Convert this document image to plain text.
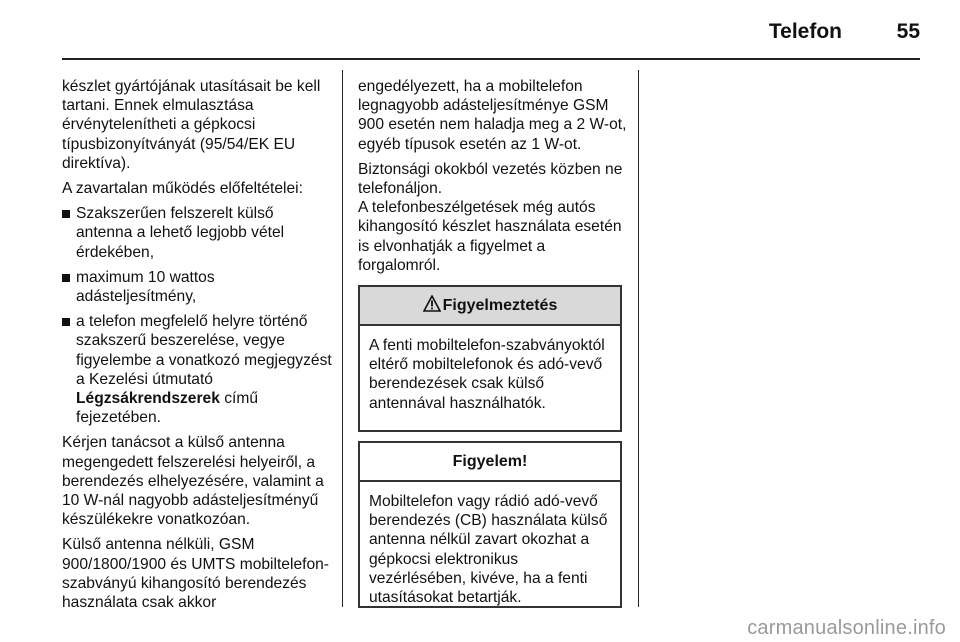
Telefon	55

készlet gyártójának utasításait be kell tartani. Ennek elmulasztása érvénytelenítheti a gépkocsi típusbizonyítványát (95/54/EK EU direktíva).

A zavartalan működés előfeltételei:

Szakszerűen felszerelt külső antenna a lehető legjobb vétel érdekében,
maximum 10 wattos adásteljesítmény,
a telefon megfelelő helyre történő szakszerű beszerelése, vegye figyelembe a vonatkozó megjegyzést a Kezelési útmutató Légzsákrendszerek című fejezetében.

Kérjen tanácsot a külső antenna megengedett felszerelési helyeiről, a berendezés elhelyezésére, valamint a 10 W-nál nagyobb adásteljesítményű készülékekre vonatkozóan.

Külső antenna nélküli, GSM 900/1800/1900 és UMTS mobiltelefon-szabványú kihangosító berendezés használata csak akkor

engedélyezett, ha a mobiltelefon legnagyobb adásteljesítménye GSM 900 esetén nem haladja meg a 2 W-ot, egyéb típusok esetén az 1 W-ot.

Biztonsági okokból vezetés közben ne telefonáljon.

A telefonbeszélgetések még autós kihangosító készlet használata esetén is elvonhatják a figyelmet a forgalomról.

Figyelmeztetés
A fenti mobiltelefon-szabványoktól eltérő mobiltelefonok és adó-vevő berendezések csak külső antennával használhatók.
Figyelem!
Mobiltelefon vagy rádió adó-vevő berendezés (CB) használata külső antenna nélkül zavart okozhat a gépkocsi elektronikus vezérlésében, kivéve, ha a fenti utasításokat betartják.
carmanualsonline.info
